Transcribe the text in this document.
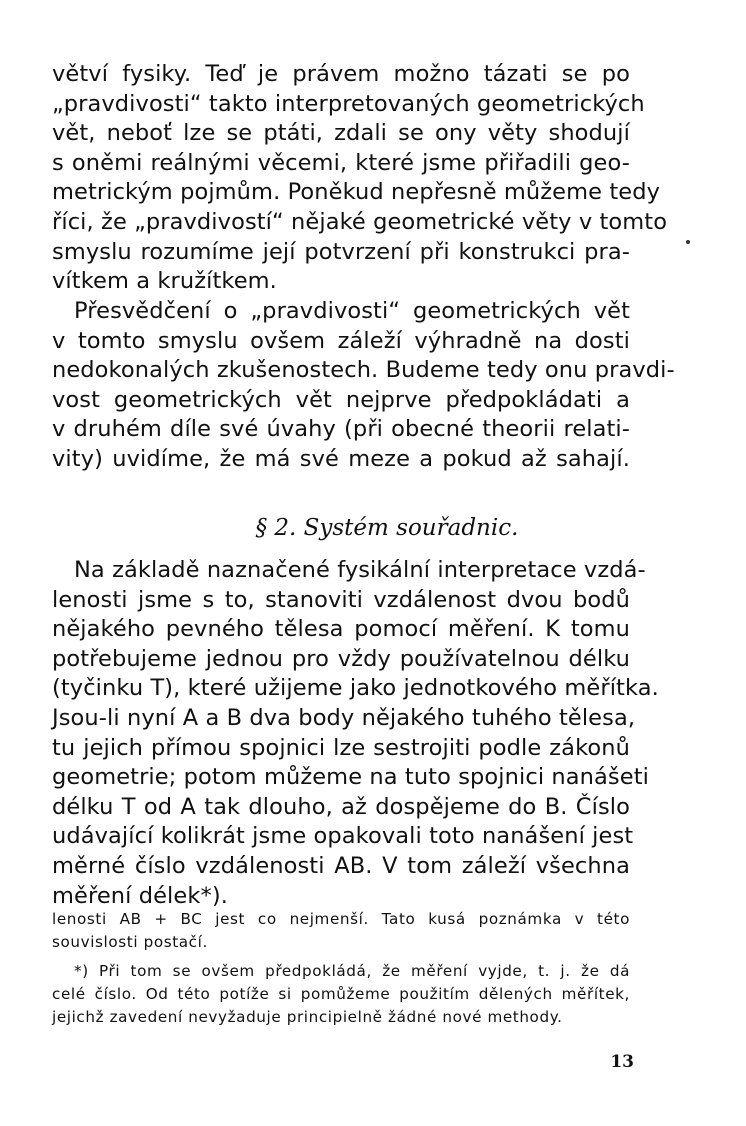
větví fysiky. Teď je právem možno tázati se po
„pravdivosti“ takto interpretovaných geometrických
vět, neboť lze se ptáti, zdali se ony věty shodují
s oněmi reálnými věcemi, které jsme přiřadili geo-
metrickým pojmům. Poněkud nepřesně můžeme tedy
říci, že „pravdivostí“ nějaké geometrické věty v tomto
smyslu rozumíme její potvrzení při konstrukci pra-
vítkem a kružítkem.
Přesvědčení o „pravdivosti“ geometrických vět
v tomto smyslu ovšem záleží výhradně na dosti
nedokonalých zkušenostech. Budeme tedy onu pravdi-
vost geometrických vět nejprve předpokládati a
v druhém díle své úvahy (při obecné theorii relati-
vity) uvidíme, že má své meze a pokud až sahají.
§ 2. Systém souřadnic.
Na základě naznačené fysikální interpretace vzdá-
lenosti jsme s to, stanoviti vzdálenost dvou bodů
nějakého pevného tělesa pomocí měření. K tomu
potřebujeme jednou pro vždy používatelnou délku
(tyčinku T), které užijeme jako jednotkového měřítka.
Jsou-li nyní A a B dva body nějakého tuhého tělesa,
tu jejich přímou spojnici lze sestrojiti podle zákonů
geometrie; potom můžeme na tuto spojnici nanášeti
délku T od A tak dlouho, až dospějeme do B. Číslo
udávající kolikrát jsme opakovali toto nanášení jest
měrné číslo vzdálenosti AB. V tom záleží všechna
měření délek*).
lenosti AB + BC jest co nejmenší. Tato kusá poznámka v této
souvislosti postačí.
*) Při tom se ovšem předpokládá, že měření vyjde, t. j. že dá
celé číslo. Od této potíže si pomůžeme použitím dělených měřítek,
jejichž zavedení nevyžaduje principielně žádné nové methody.
13
